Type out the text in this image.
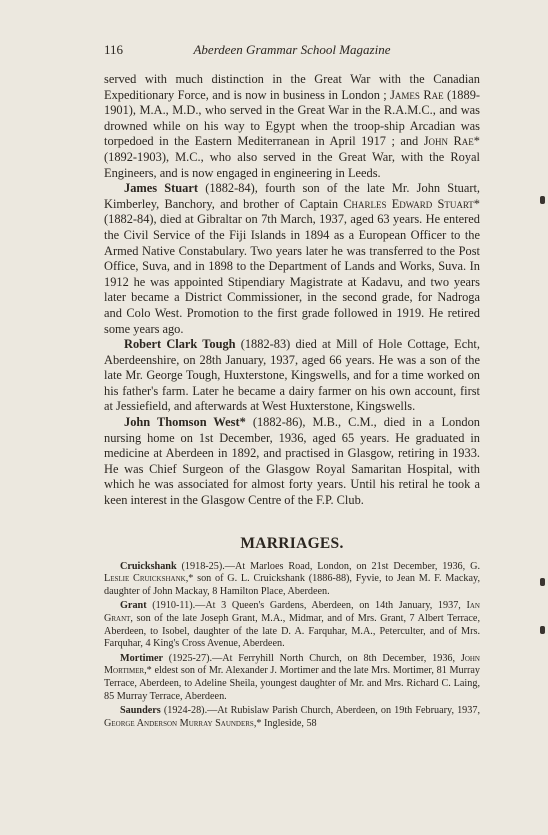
116	Aberdeen Grammar School Magazine

served with much distinction in the Great War with the Canadian Expeditionary Force, and is now in business in London ; James Rae (1889-1901), M.A., M.D., who served in the Great War in the R.A.M.C., and was drowned while on his way to Egypt when the troop-ship Arcadian was torpedoed in the Eastern Mediterranean in April 1917 ; and John Rae* (1892-1903), M.C., who also served in the Great War, with the Royal Engineers, and is now engaged in engineering in Leeds.

James Stuart (1882-84), fourth son of the late Mr. John Stuart, Kimberley, Banchory, and brother of Captain Charles Edward Stuart* (1882-84), died at Gibraltar on 7th March, 1937, aged 63 years. He entered the Civil Service of the Fiji Islands in 1894 as a European Officer to the Armed Native Constabulary. Two years later he was transferred to the Post Office, Suva, and in 1898 to the Department of Lands and Works, Suva. In 1912 he was appointed Stipendiary Magistrate at Kadavu, and two years later became a District Commissioner, in the second grade, for Nadroga and Colo West. Promotion to the first grade followed in 1919. He retired some years ago.

Robert Clark Tough (1882-83) died at Mill of Hole Cottage, Echt, Aberdeenshire, on 28th January, 1937, aged 66 years. He was a son of the late Mr. George Tough, Huxterstone, Kingswells, and for a time worked on his father's farm. Later he became a dairy farmer on his own account, first at Jessiefield, and afterwards at West Huxterstone, Kingswells.

John Thomson West* (1882-86), M.B., C.M., died in a London nursing home on 1st December, 1936, aged 65 years. He graduated in medicine at Aberdeen in 1892, and practised in Glasgow, retiring in 1933. He was Chief Surgeon of the Glasgow Royal Samaritan Hospital, with which he was associated for almost forty years. Until his retiral he took a keen interest in the Glasgow Centre of the F.P. Club.

MARRIAGES.

Cruickshank (1918-25).—At Marloes Road, London, on 21st December, 1936, G. Leslie Cruickshank,* son of G. L. Cruickshank (1886-88), Fyvie, to Jean M. F. Mackay, daughter of John Mackay, 8 Hamilton Place, Aberdeen.

Grant (1910-11).—At 3 Queen's Gardens, Aberdeen, on 14th January, 1937, Ian Grant, son of the late Joseph Grant, M.A., Midmar, and of Mrs. Grant, 7 Albert Terrace, Aberdeen, to Isobel, daughter of the late D. A. Farquhar, M.A., Peterculter, and of Mrs. Farquhar, 4 King's Cross Avenue, Aberdeen.

Mortimer (1925-27).—At Ferryhill North Church, on 8th December, 1936, John Mortimer,* eldest son of Mr. Alexander J. Mortimer and the late Mrs. Mortimer, 81 Murray Terrace, Aberdeen, to Adeline Sheila, youngest daughter of Mr. and Mrs. Richard C. Laing, 85 Murray Terrace, Aberdeen.

Saunders (1924-28).—At Rubislaw Parish Church, Aberdeen, on 19th February, 1937, George Anderson Murray Saunders,* Ingleside, 58
